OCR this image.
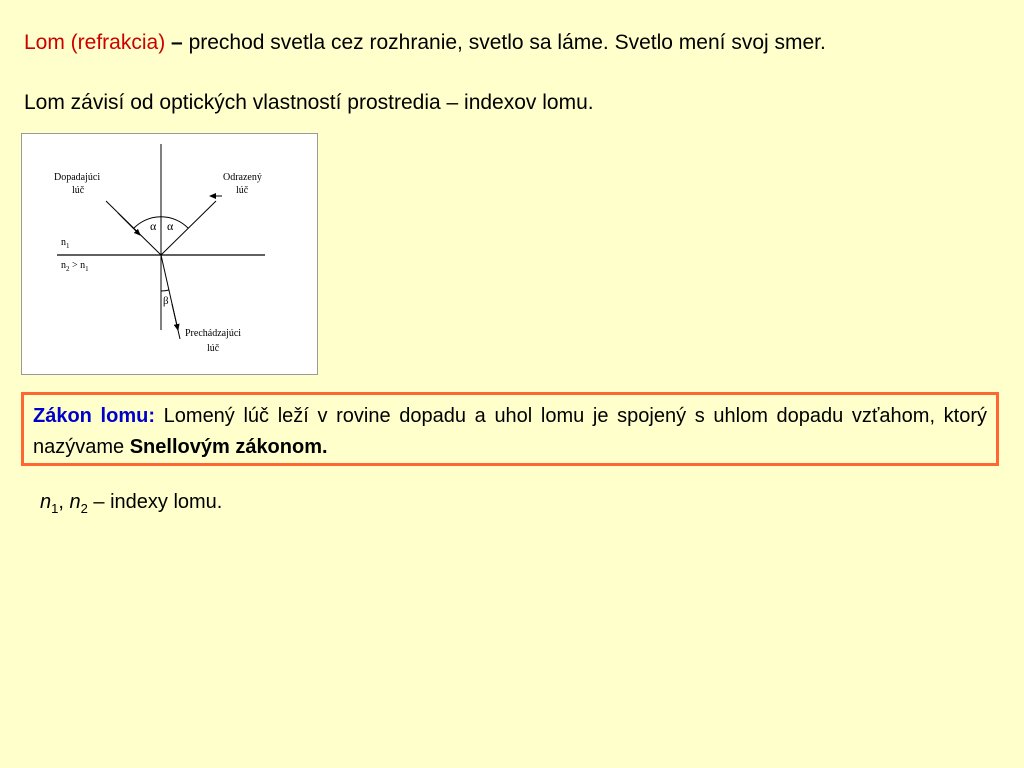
Lom (refrakcia) – prechod svetla cez rozhranie, svetlo sa láme. Svetlo mení svoj smer.
Lom závisí od optických vlastností prostredia – indexov lomu.
α α
β
Dopadajúci
lúč
Odrazený
lúč
Prechádzajúci
lúč
$n_1$
$n_2 > n_1$
Zákon lomu: Lomený lúč leží v rovine dopadu a uhol lomu je spojený s uhlom dopadu vzťahom, ktorý nazývame Snellovým zákonom.
$n_1$, $n_2$ – indexy lomu.
